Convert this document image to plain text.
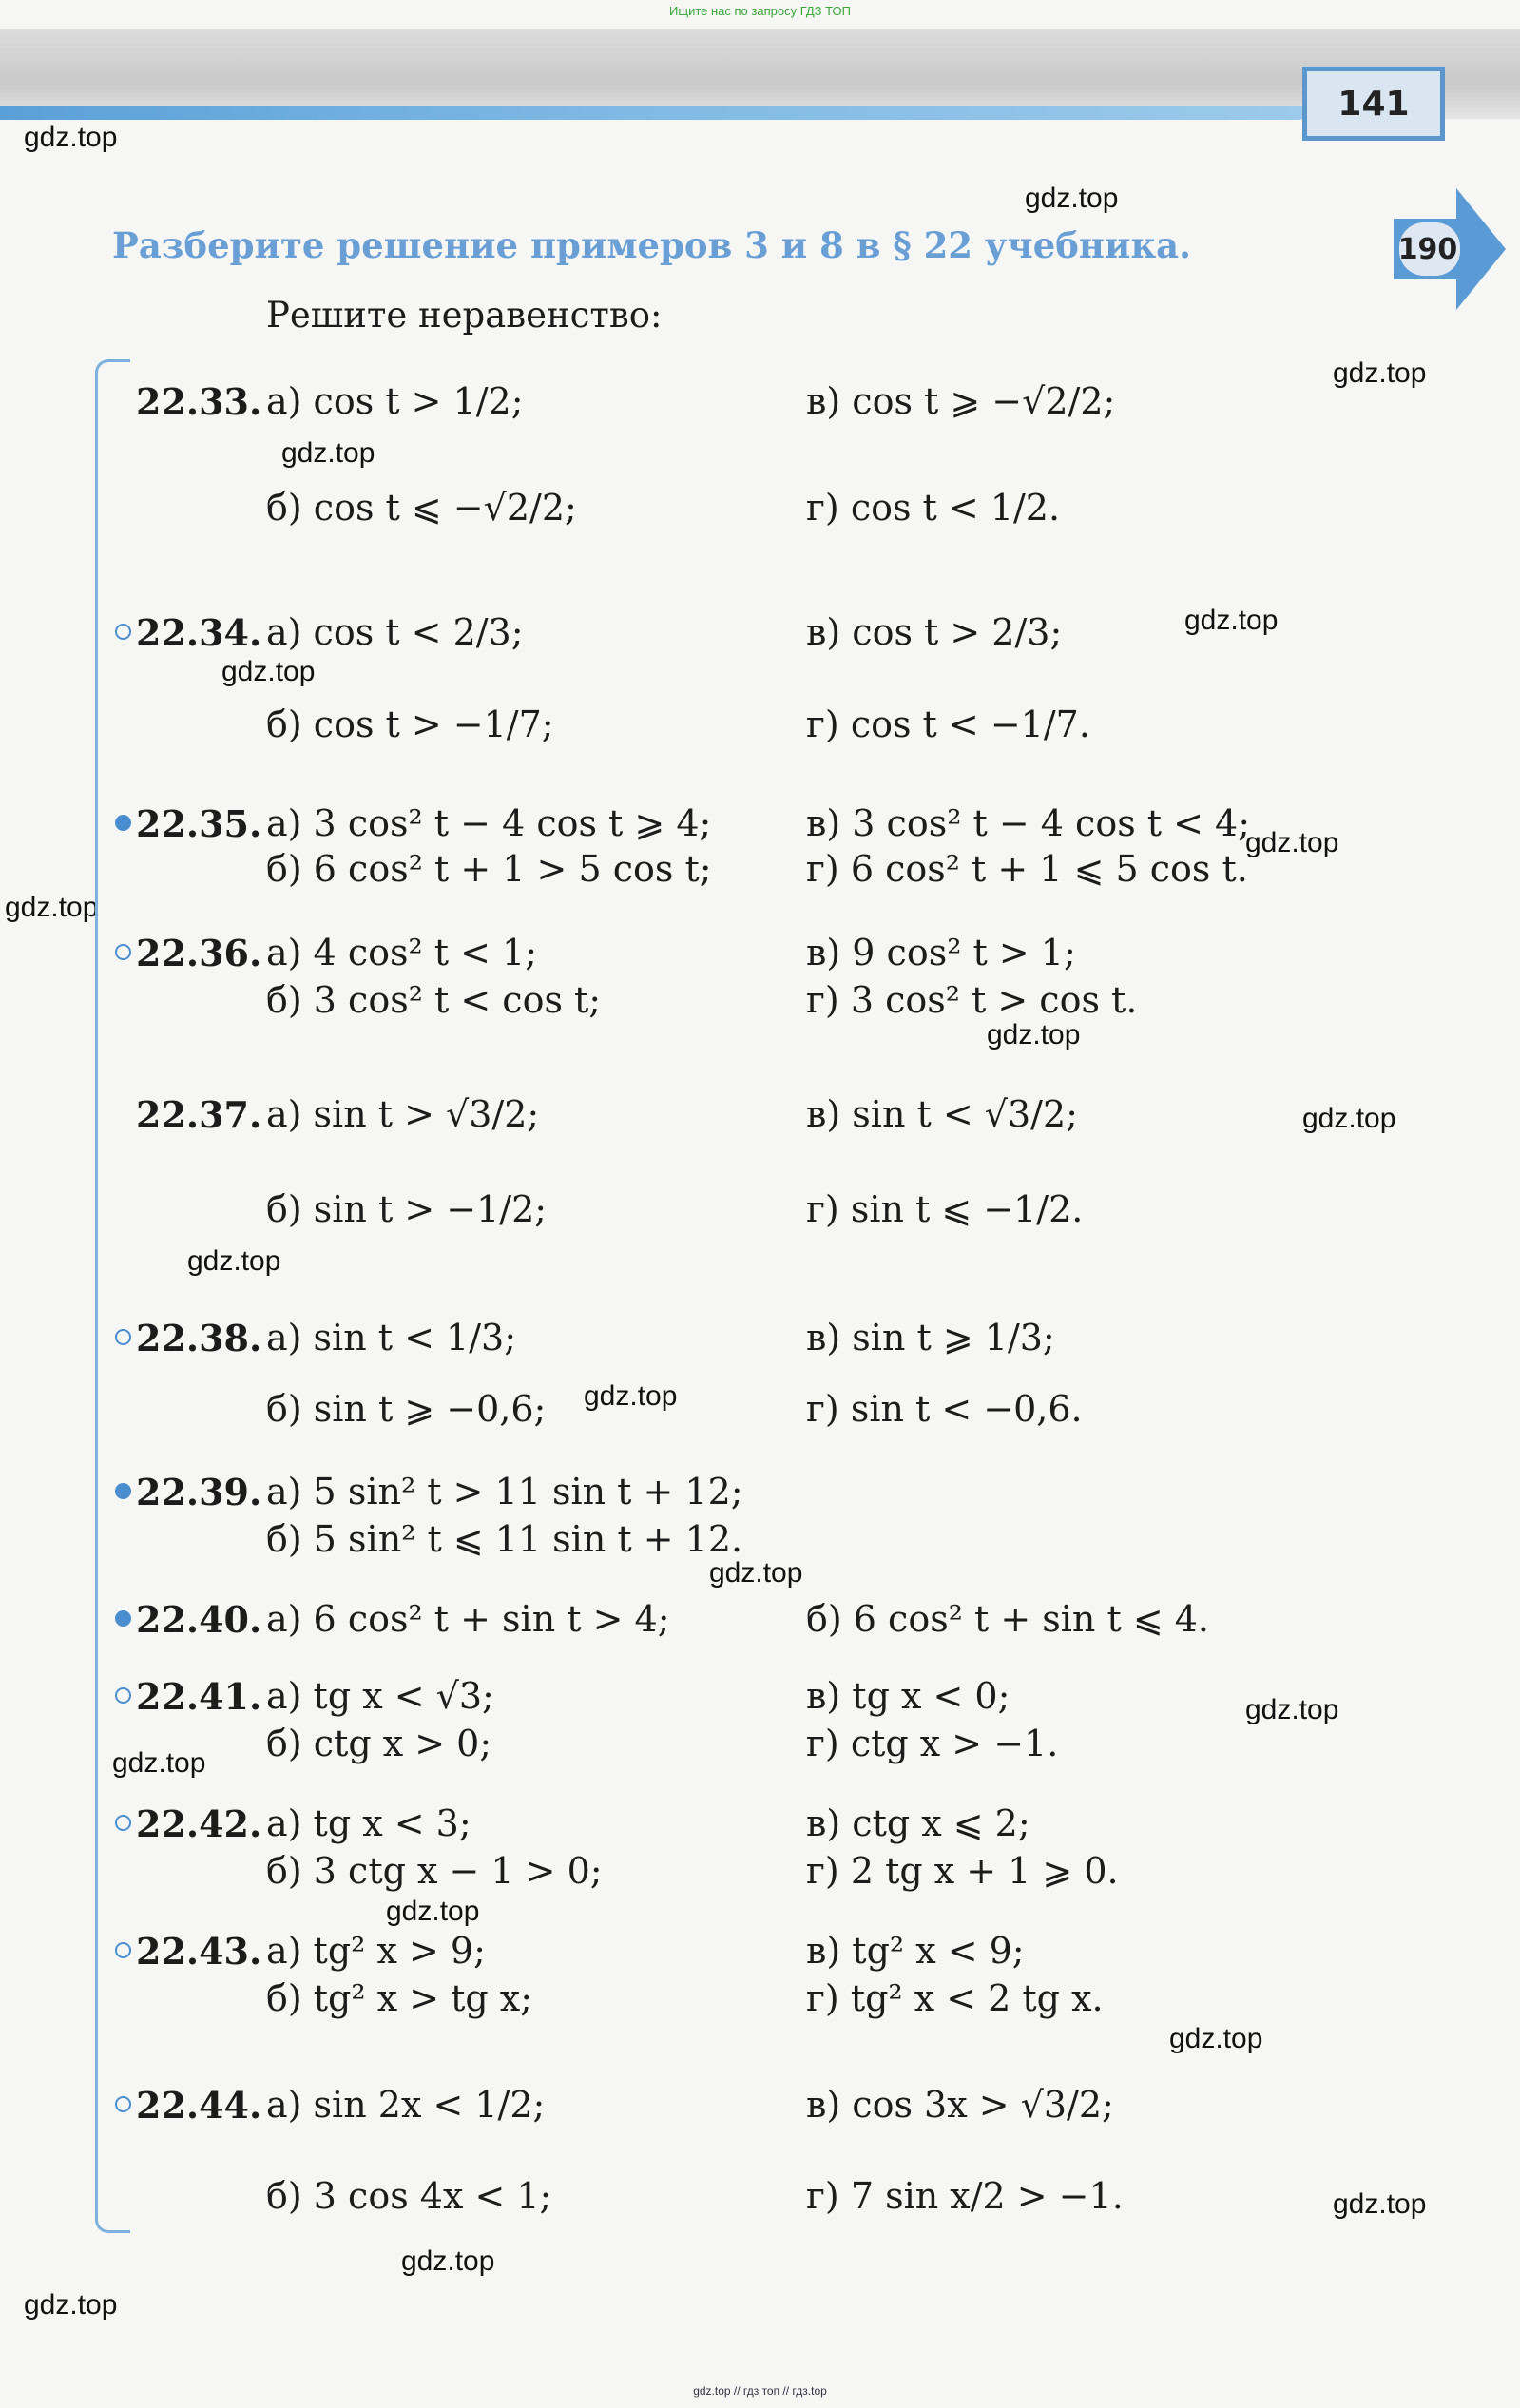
Ищите нас по запросу ГДЗ ТОП
141
190
gdz.top
gdz.top
gdz.top
gdz.top
gdz.top
gdz.top
gdz.top
gdz.top
gdz.top
gdz.top
gdz.top
gdz.top
gdz.top
gdz.top
gdz.top
gdz.top
gdz.top
gdz.top
gdz.top
gdz.top
Разберите решение примеров 3 и 8 в § 22 учебника.
Решите неравенство:
22.33. а) cos t > 1/2;
б) cos t ⩽ −√2/2;
в) cos t ⩾ −√2/2;
г) cos t < 1/2.
22.34. а) cos t < 2/3;
б) cos t > −1/7;
в) cos t > 2/3;
г) cos t < −1/7.
22.35. а) 3 cos² t − 4 cos t ⩾ 4;
б) 6 cos² t + 1 > 5 cos t;
в) 3 cos² t − 4 cos t < 4;
г) 6 cos² t + 1 ⩽ 5 cos t.
22.36. а) 4 cos² t < 1;
б) 3 cos² t < cos t;
в) 9 cos² t > 1;
г) 3 cos² t > cos t.
22.37. а) sin t > √3/2;
б) sin t > −1/2;
в) sin t < √3/2;
г) sin t ⩽ −1/2.
22.38. а) sin t < 1/3;
б) sin t ⩾ −0,6;
в) sin t ⩾ 1/3;
г) sin t < −0,6.
22.39. а) 5 sin² t > 11 sin t + 12;
б) 5 sin² t ⩽ 11 sin t + 12.
22.40. а) 6 cos² t + sin t > 4;	б) 6 cos² t + sin t ⩽ 4.
22.41. а) tg x < √3;
б) ctg x > 0;
в) tg x < 0;
г) ctg x > −1.
22.42. а) tg x < 3;
б) 3 ctg x − 1 > 0;
в) ctg x ⩽ 2;
г) 2 tg x + 1 ⩾ 0.
22.43. а) tg² x > 9;
б) tg² x > tg x;
в) tg² x < 9;
г) tg² x < 2 tg x.
22.44. а) sin 2x < 1/2;
б) 3 cos 4x < 1;
в) cos 3x > √3/2;
г) 7 sin x/2 > −1.
gdz.top // гдз топ // гдз.top
